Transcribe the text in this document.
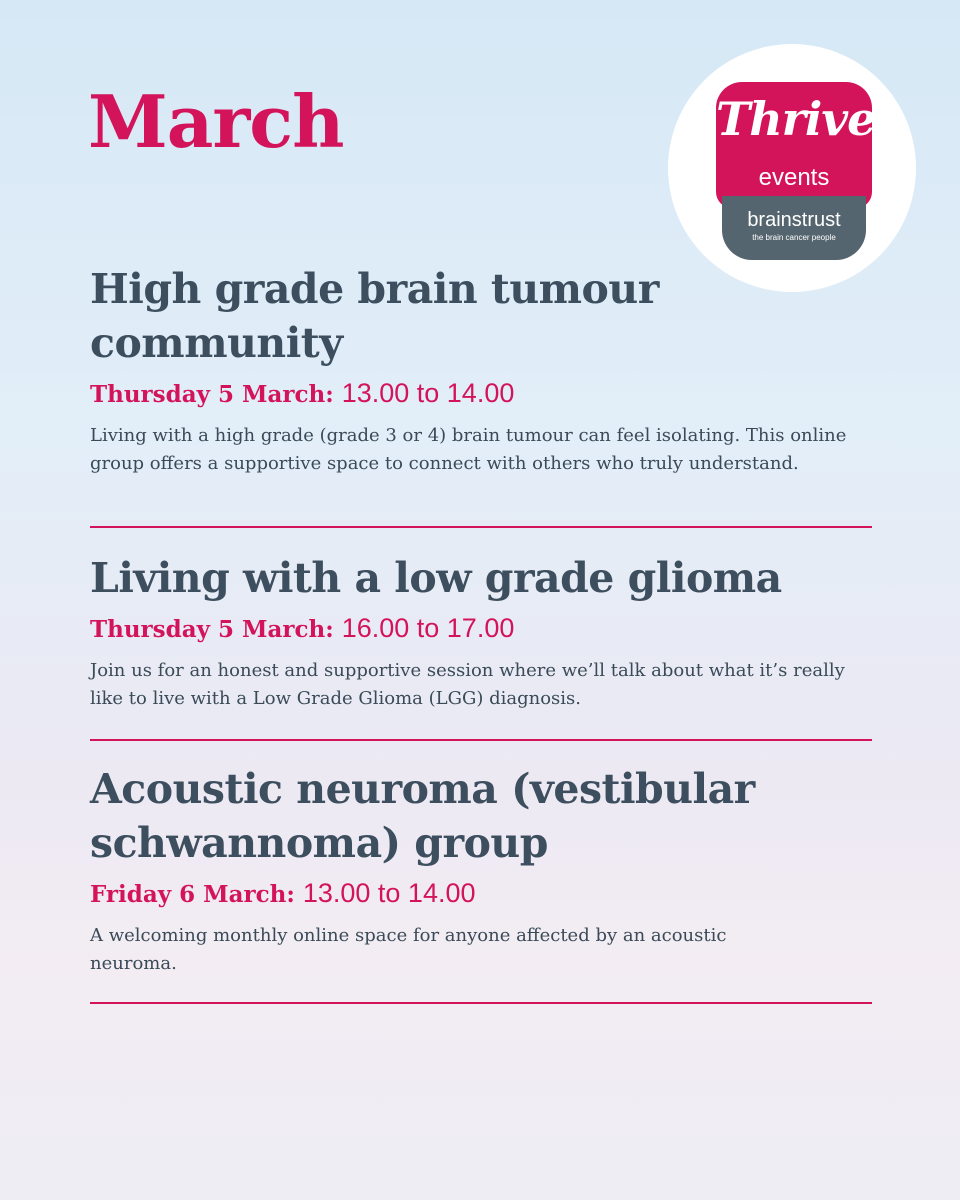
March	Thrive
events
brainstrust
the brain cancer people
High grade brain tumour community
Thursday 5 March: 13.00 to 14.00

Living with a high grade (grade 3 or 4) brain tumour can feel isolating. This online group offers a supportive space to connect with others who truly understand.

Living with a low grade glioma
Thursday 5 March: 16.00 to 17.00

Join us for an honest and supportive session where we’ll talk about what it’s really like to live with a Low Grade Glioma (LGG) diagnosis.

Acoustic neuroma (vestibular schwannoma) group
Friday 6 March: 13.00 to 14.00

A welcoming monthly online space for anyone affected by an acoustic neuroma.
